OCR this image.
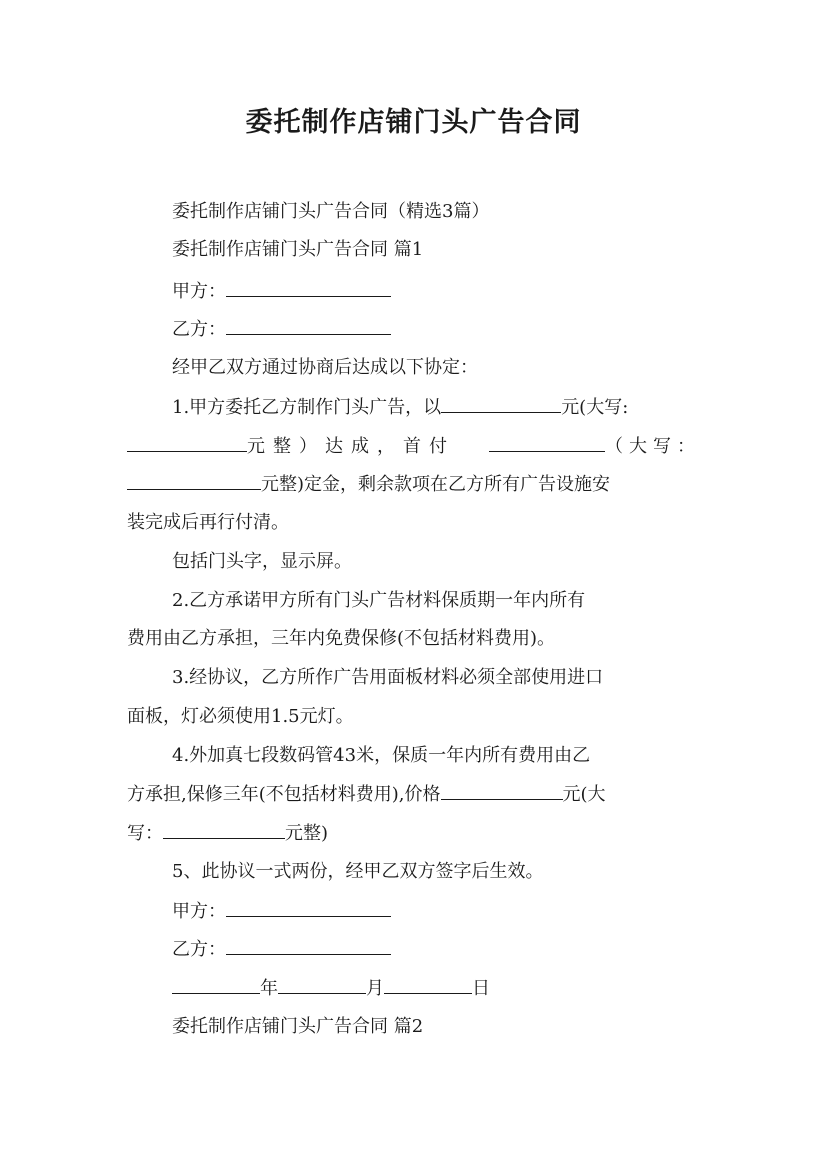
委托制作店铺门头广告合同
委托制作店铺门头广告合同（精选3篇）
委托制作店铺门头广告合同 篇1
甲方：
乙方：
经甲乙双方通过协商后达成以下协定：
1.甲方委托乙方制作门头广告，以	元(大写:
元整）达成，首付	（大写：
元整)定金，剩余款项在乙方所有广告设施安
装完成后再行付清。
包括门头字，显示屏。
2.乙方承诺甲方所有门头广告材料保质期一年内所有
费用由乙方承担，三年内免费保修(不包括材料费用)。
3.经协议，乙方所作广告用面板材料必须全部使用进口
面板，灯必须使用1.5元灯。
4.外加真七段数码管43米，保质一年内所有费用由乙
方承担,保修三年(不包括材料费用),价格	元(大
写：	元整)
5、此协议一式两份，经甲乙双方签字后生效。
甲方：
乙方：
年	月	日
委托制作店铺门头广告合同 篇2
